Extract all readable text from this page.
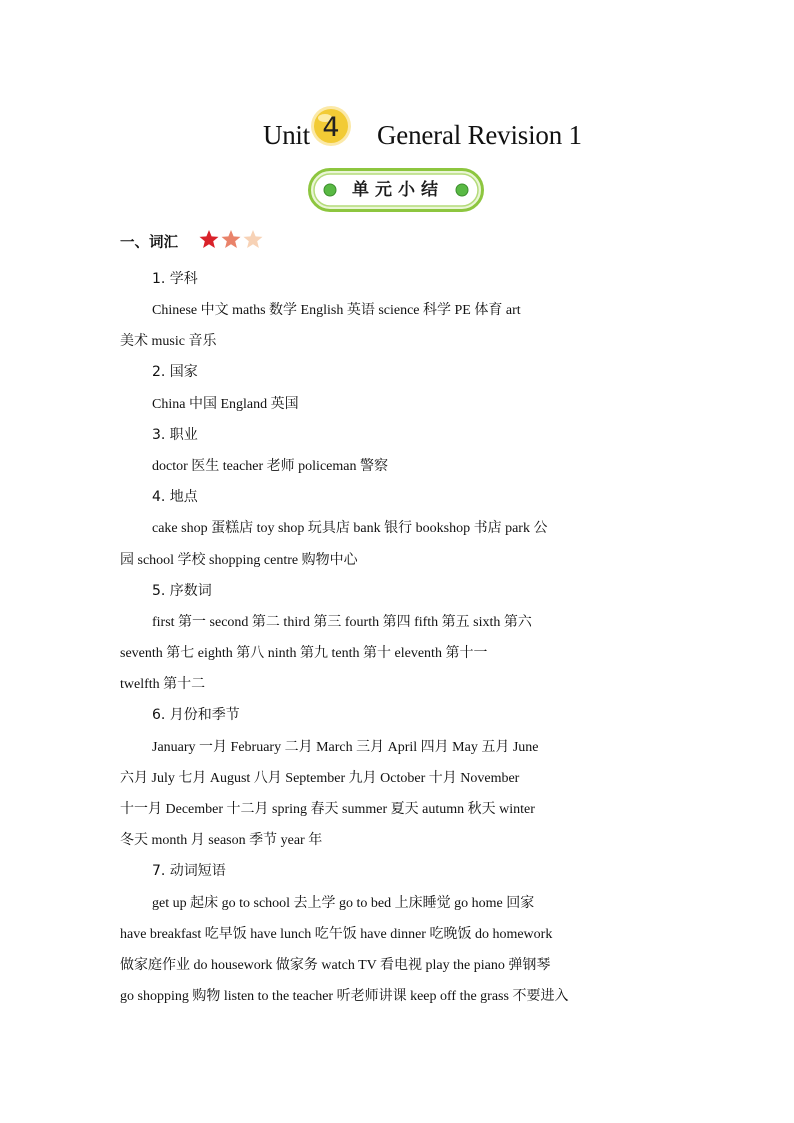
Unit 4 General Revision 1
单元小结
一、词汇
1. 学科
Chinese 中文 maths 数学 English 英语 science 科学 PE 体育 art
美术 music 音乐
2. 国家
China 中国 England 英国
3. 职业
doctor 医生 teacher 老师 policeman 警察
4. 地点
cake shop 蛋糕店 toy shop 玩具店 bank 银行 bookshop 书店 park 公
园 school 学校 shopping centre 购物中心
5. 序数词
first 第一 second 第二 third 第三 fourth 第四 fifth 第五 sixth 第六
seventh 第七 eighth 第八 ninth 第九 tenth 第十 eleventh 第十一
twelfth 第十二
6. 月份和季节
January 一月 February 二月 March 三月 April 四月 May 五月 June
六月 July 七月 August 八月 September 九月 October 十月 November
十一月 December 十二月 spring 春天 summer 夏天 autumn 秋天 winter
冬天 month 月 season 季节 year 年
7. 动词短语
get up 起床 go to school 去上学 go to bed 上床睡觉 go home 回家
have breakfast 吃早饭 have lunch 吃午饭 have dinner 吃晚饭 do homework
做家庭作业 do housework 做家务 watch TV 看电视 play the piano 弹钢琴
go shopping 购物 listen to the teacher 听老师讲课 keep off the grass 不要进入
